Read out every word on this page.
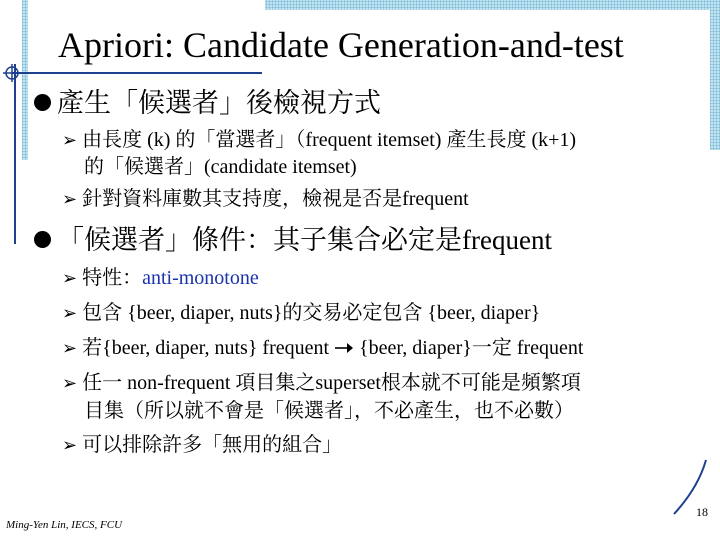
Apriori: Candidate Generation-and-test
產生「候選者」後檢視方式
➢ 由長度 (k) 的「當選者」（frequent itemset) 產生長度 (k+1)
的「候選者」(candidate itemset)
➢ 針對資料庫數其支持度，檢視是否是frequent
「候選者」條件：其子集合必定是frequent
➢ 特性：anti-monotone
➢ 包含 {beer, diaper, nuts}的交易必定包含 {beer, diaper}
➢ 若{beer, diaper, nuts} frequent  {beer, diaper}一定 frequent
➢ 任一 non-frequent 項目集之superset根本就不可能是頻繁項
目集（所以就不會是「候選者」，不必產生，也不必數）
➢ 可以排除許多「無用的組合」
18
Ming-Yen Lin, IECS, FCU
